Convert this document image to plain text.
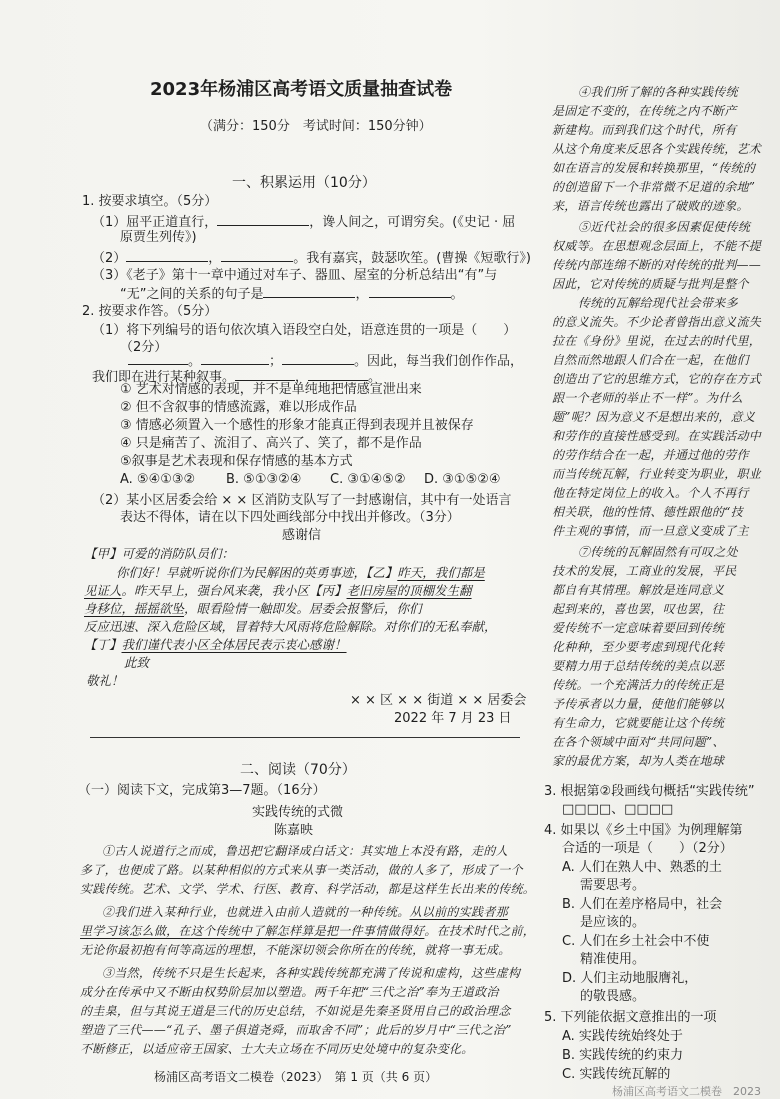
2023年杨浦区高考语文质量抽查试卷
（满分：150分　考试时间：150分钟）
一、积累运用（10分）
1. 按要求填空。（5分）
（1）屈平正道直行，	，谗人间之，可谓穷矣。(《史记 · 屈
原贾生列传》)
（2）	，	。我有嘉宾，鼓瑟吹笙。(曹操《短歌行》)
（3）《老子》第十一章中通过对车子、器皿、屋室的分析总结出“有”与
“无”之间的关系的句子是	，	。
2. 按要求作答。（5分）
（1）将下列编号的语句依次填入语段空白处，语意连贯的一项是（　　）
（2分）
。	；	。因此，每当我们创作作品，
我们即在进行某种叙事。	，	。
① 艺术对情感的表现，并不是单纯地把情感宣泄出来
② 但不含叙事的情感流露，难以形成作品
③ 情感必须置入一个感性的形象才能真正得到表现并且被保存
④ 只是痛苦了、流泪了、高兴了、笑了，都不是作品
⑤叙事是艺术表现和保存情感的基本方式
A. ⑤④①③② B. ⑤①③②④ C. ③①④⑤② D. ③①⑤②④
（2）某小区居委会给 × × 区消防支队写了一封感谢信，其中有一处语言
表达不得体，请在以下四处画线部分中找出并修改。（3分）
感谢信
【甲】可爱的消防队员们：
你们好！早就听说你们为民解困的英勇事迹，【乙】昨天，我们都是
见证人。昨天早上，强台风来袭，我小区【丙】老旧房屋的顶棚发生翻
身移位，摇摇欲坠，眼看险情一触即发。居委会报警后，你们
反应迅速、深入危险区域，冒着特大风雨将危险解除。对你们的无私奉献，
【丁】我们谨代表小区全体居民表示衷心感谢！
此致
敬礼！
× × 区 × × 街道 × × 居委会
2022 年 7 月 23 日
二、阅读（70分）
（一）阅读下文，完成第3—7题。（16分）
实践传统的式微
陈嘉映
①古人说道行之而成，鲁迅把它翻译成白话文：其实地上本没有路，走的人
多了，也便成了路。以某种相似的方式来从事一类活动，做的人多了，形成了一个
实践传统。艺术、文学、学术、行医、教育、科学活动，都是这样生长出来的传统。
②我们进入某种行业，也就进入由前人造就的一种传统。从以前的实践者那
里学习该怎么做，在这个传统中了解怎样算是把一件事情做得好。在技术时代之前，
无论你最初抱有何等高远的理想，不能深切领会你所在的传统，就将一事无成。
③当然，传统不只是生长起来，各种实践传统都充满了传说和虚构，这些虚构
成分在传承中又不断由权势阶层加以塑造。两千年把“三代之治”奉为王道政治
的圭臬，但与其说王道是三代的历史总结，不如说是先秦圣贤用自己的政治理念
塑造了三代——“孔子、墨子俱道尧舜，而取舍不同”；此后的岁月中“三代之治”
不断修正，以适应帝王国家、士大夫立场在不同历史处境中的复杂变化。
杨浦区高考语文二模卷（2023）　第 1 页（共 6 页）
④我们所了解的各种实践传统
是固定不变的，在传统之内不断产
新建构。而到我们这个时代，所有
从这个角度来反思各个实践传统，艺术
如在语言的发展和转换那里，“传统的
的创造留下一个非常微不足道的余地”
来，语言传统也露出了破败的迹象。
⑤近代社会的很多因素促使传统
权威等。在思想观念层面上，不能不提
传统内部连绵不断的对传统的批判——
因此，它对传统的质疑与批判是整个
传统的瓦解给现代社会带来多
的意义流失。不少论者曾指出意义流失
拉在《身份》里说，在过去的时代里，
自然而然地跟人们合在一起，在他们
创造出了它的思维方式，它的存在方式
跟一个老师的举止不一样”。为什么
题”呢？因为意义不是想出来的，意义
和劳作的直接性感受到。在实践活动中
的劳作结合在一起，并通过他的劳作
而当传统瓦解，行业转变为职业，职业
他在特定岗位上的收入。个人不再行
相关联，他的性情、德性跟他的“技
件主观的事情，而一旦意义变成了主
⑦传统的瓦解固然有可叹之处
技术的发展，工商业的发展，平民
都自有其情理。解放是连同意义
起到来的，喜也罢，叹也罢，往
爱传统不一定意味着要回到传统
化种种，至少要考虑到现代化转
要精力用于总结传统的美点以恶
传统。一个充满活力的传统正是
予传承者以力量，使他们能够以
有生命力，它就要能让这个传统
在各个领域中面对“共同问题”、
家的最优方案，却为人类在地球
3. 根据第②段画线句概括“实践传统”
□□□□、□□□□
4. 如果以《乡土中国》为例理解第
合适的一项是（　　）（2分）
A. 人们在熟人中、熟悉的土
需要思考。
B. 人们在差序格局中，社会
是应该的。
C. 人们在乡土社会中不使
精准使用。
D. 人们主动地服膺礼，
的敬畏感。
5. 下列能依据文意推出的一项
A. 实践传统始终处于
B. 实践传统的约束力
C. 实践传统瓦解的
杨浦区高考语文二模卷　2023
